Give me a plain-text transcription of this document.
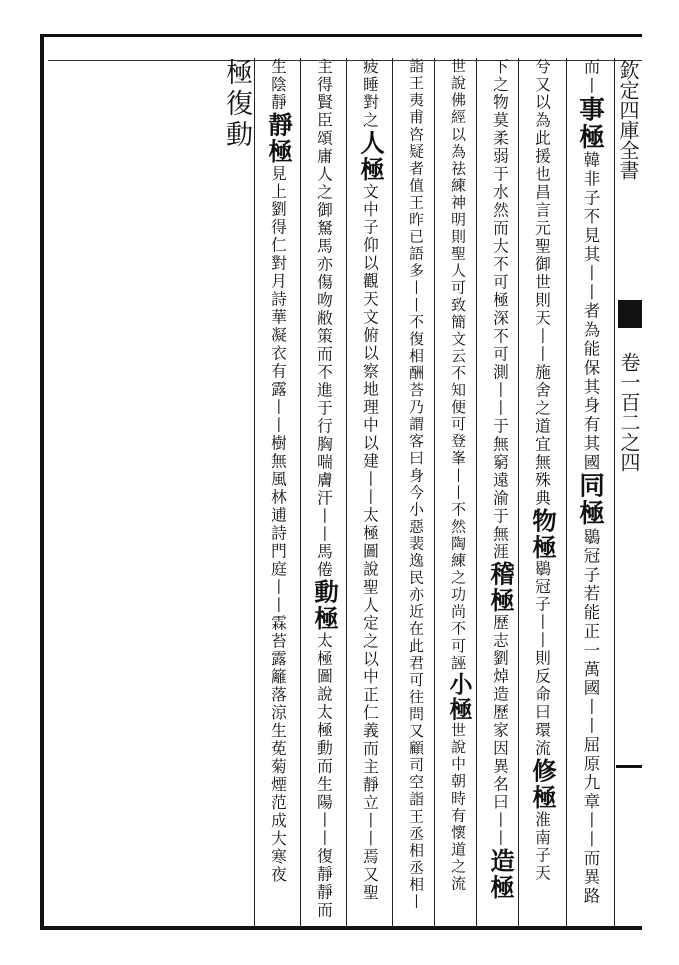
欽定四庫全書
卷一百二之四
而
丨
事極
韓非子不見其丨丨者為能保其身有其國
同極
鶡冠子若能正一萬國丨丨屈原九章丨丨而異路
兮又以為此援也昌言元聖御世則天丨丨施舍之道宜無殊典
物極
鶡冠子丨丨則反命曰環流
修極
淮南子天
下之物莫柔弱于水然而大不可極深不可測丨丨于無窮遠渝于無涯
稽極
歷志劉焯造歷家因異名曰丨丨
造極
世說佛經以為祛練神明則聖人可致簡文云不知便可登峯丨丨不然陶練之功尚不可誣
小極
世說中朝時有懷道之流
詣王夷甫咨疑者值王昨已語多丨丨不復相酬荅乃謂客曰身今小惡裴逸民亦近在此君可往問又顧司空詣王丞相丞相丨
疲睡對之
人極
文中子仰以觀天文俯以察地理中以建丨丨太極圖說聖人定之以中正仁義而主靜立丨丨焉又聖
主得賢臣頌庸人之御駑馬亦傷吻敝策而不進于行胸喘膚汗丨丨馬倦
動極
太極圖說太極動而生陽丨丨復靜靜而
生陰靜
靜極
見上劉得仁對月詩華凝衣有露丨丨樹無風林逋詩門庭丨丨霖苔露籬落涼生莬菊煙范成大寒夜
極復動
